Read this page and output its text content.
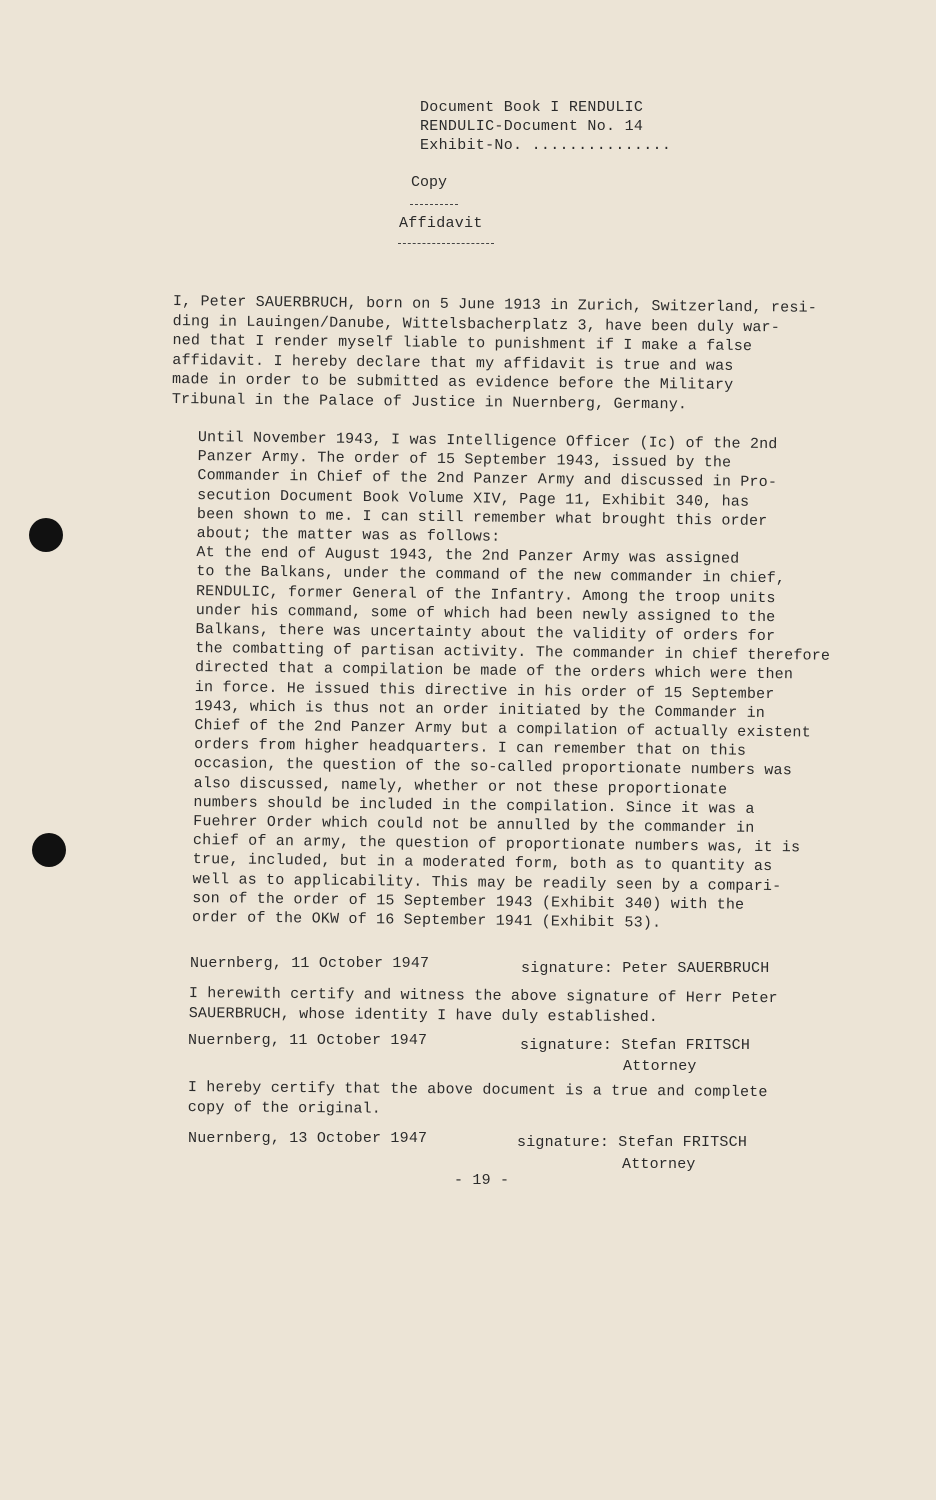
Document Book I RENDULIC
RENDULIC-Document No. 14
Exhibit-No. ...............
Copy
Affidavit
I, Peter SAUERBRUCH, born on 5 June 1913 in Zurich, Switzerland, resi-
ding in Lauingen/Danube, Wittelsbacherplatz 3, have been duly war-
ned that I render myself liable to punishment if I make a false
affidavit. I hereby declare that my affidavit is true and was
made in order to be submitted as evidence before the Military
Tribunal in the Palace of Justice in Nuernberg, Germany.
Until November 1943, I was Intelligence Officer (Ic) of the 2nd
Panzer Army. The order of 15 September 1943, issued by the
Commander in Chief of the 2nd Panzer Army and discussed in Pro-
secution Document Book Volume XIV, Page 11, Exhibit 340, has
been shown to me. I can still remember what brought this order
about; the matter was as follows:
At the end of August 1943, the 2nd Panzer Army was assigned
to the Balkans, under the command of the new commander in chief,
RENDULIC, former General of the Infantry. Among the troop units
under his command, some of which had been newly assigned to the
Balkans, there was uncertainty about the validity of orders for
the combatting of partisan activity. The commander in chief therefore
directed that a compilation be made of the orders which were then
in force. He issued this directive in his order of 15 September
1943, which is thus not an order initiated by the Commander in
Chief of the 2nd Panzer Army but a compilation of actually existent
orders from higher headquarters. I can remember that on this
occasion, the question of the so-called proportionate numbers was
also discussed, namely, whether or not these proportionate
numbers should be included in the compilation. Since it was a
Fuehrer Order which could not be annulled by the commander in
chief of an army, the question of proportionate numbers was, it is
true, included, but in a moderated form, both as to quantity as
well as to applicability. This may be readily seen by a compari-
son of the order of 15 September 1943 (Exhibit 340) with the
order of the OKW of 16 September 1941 (Exhibit 53).
Nuernberg, 11 October 1947	signature: Peter SAUERBRUCH
I herewith certify and witness the above signature of Herr Peter
SAUERBRUCH, whose identity I have duly established.
Nuernberg, 11 October 1947	signature: Stefan FRITSCH
Attorney
I hereby certify that the above document is a true and complete
copy of the original.
Nuernberg, 13 October 1947	signature: Stefan FRITSCH
Attorney
- 19 -
